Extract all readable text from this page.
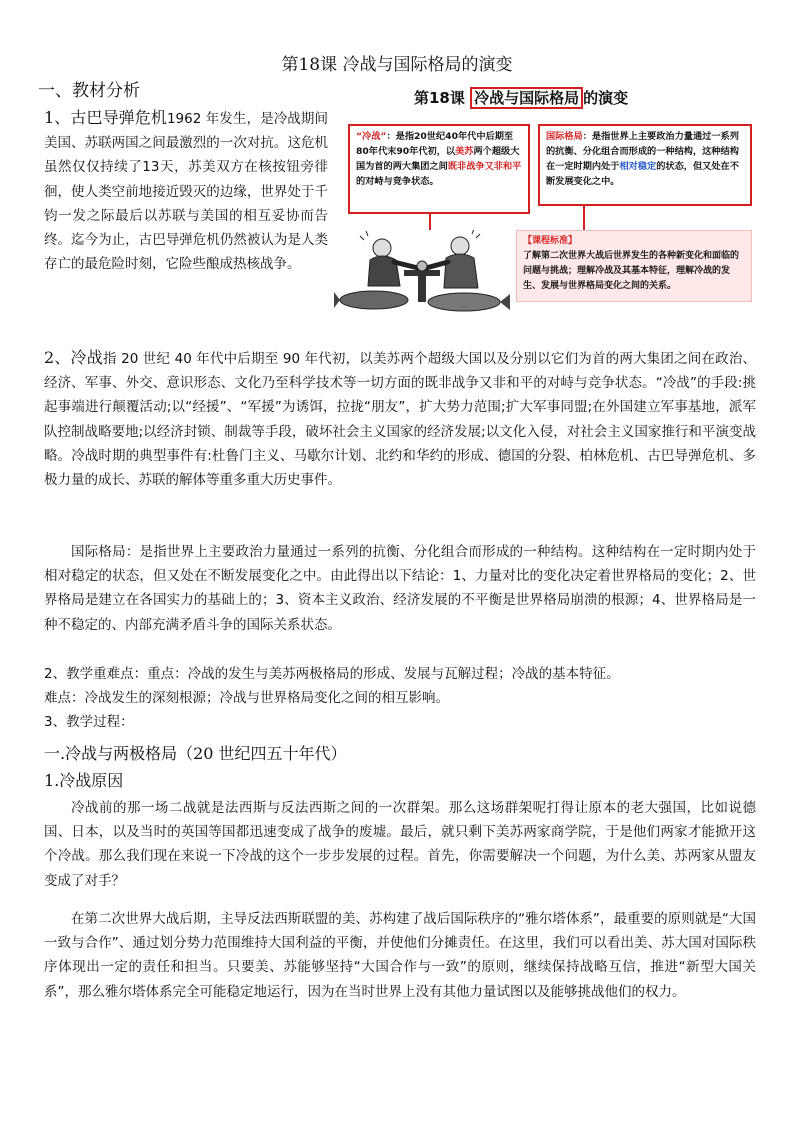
第18课 冷战与国际格局的演变
一、教材分析

1、古巴导弹危机1962 年发生，是冷战期间美国、苏联两国之间最激烈的一次对抗。这危机虽然仅仅持续了13天，苏美双方在核按钮旁徘徊，使人类空前地接近毁灭的边缘，世界处于千钧一发之际最后以苏联与美国的相互妥协而告终。迄今为止，古巴导弹危机仍然被认为是人类存亡的最危险时刻，它险些酿成热核战争。

第18课 冷战与国际格局 的演变
“冷战”：是指20世纪40年代中后期至80年代末90年代初，以美苏两个超级大国为首的两大集团之间既非战争又非和平的对峙与竞争状态。
国际格局：是指世界上主要政治力量通过一系列的抗衡、分化组合而形成的一种结构，这种结构在一定时期内处于相对稳定的状态，但又处在不断发展变化之中。
【课程标准】
了解第二次世界大战后世界发生的各种新变化和面临的问题与挑战；理解冷战及其基本特征，理解冷战的发生、发展与世界格局变化之间的关系。

2、冷战指 20 世纪 40 年代中后期至 90 年代初，以美苏两个超级大国以及分别以它们为首的两大集团之间在政治、经济、军事、外交、意识形态、文化乃至科学技术等一切方面的既非战争又非和平的对峙与竞争状态。“冷战”的手段:挑起事端进行颠覆活动;以“经援”、“军援”为诱饵，拉拢“朋友”，扩大势力范围;扩大军事同盟;在外国建立军事基地，派军队控制战略要地;以经济封锁、制裁等手段，破坏社会主义国家的经济发展;以文化入侵，对社会主义国家推行和平演变战略。冷战时期的典型事件有:杜鲁门主义、马歇尔计划、北约和华约的形成、德国的分裂、柏林危机、古巴导弹危机、多极力量的成长、苏联的解体等重多重大历史事件。

国际格局：是指世界上主要政治力量通过一系列的抗衡、分化组合而形成的一种结构。这种结构在一定时期内处于相对稳定的状态，但又处在不断发展变化之中。由此得出以下结论：1、力量对比的变化决定着世界格局的变化；2、世界格局是建立在各国实力的基础上的；3、资本主义政治、经济发展的不平衡是世界格局崩溃的根源；4、世界格局是一种不稳定的、内部充满矛盾斗争的国际关系状态。

2、教学重难点：重点：冷战的发生与美苏两极格局的形成、发展与瓦解过程；冷战的基本特征。

难点：冷战发生的深刻根源；冷战与世界格局变化之间的相互影响。

3、教学过程：

一.冷战与两极格局（20 世纪四五十年代）

1.冷战原因

冷战前的那一场二战就是法西斯与反法西斯之间的一次群架。那么这场群架呢打得让原本的老大强国，比如说德国、日本，以及当时的英国等国都迅速变成了战争的废墟。最后，就只剩下美苏两家商学院，于是他们两家才能掀开这个冷战。那么我们现在来说一下冷战的这个一步步发展的过程。首先，你需要解决一个问题，为什么美、苏两家从盟友变成了对手？

在第二次世界大战后期，主导反法西斯联盟的美、苏构建了战后国际秩序的“雅尔塔体系”，最重要的原则就是“大国一致与合作”、通过划分势力范围维持大国利益的平衡，并使他们分摊责任。在这里，我们可以看出美、苏大国对国际秩序体现出一定的责任和担当。只要美、苏能够坚持“大国合作与一致”的原则，继续保持战略互信，推进“新型大国关系”，那么雅尔塔体系完全可能稳定地运行，因为在当时世界上没有其他力量试图以及能够挑战他们的权力。
